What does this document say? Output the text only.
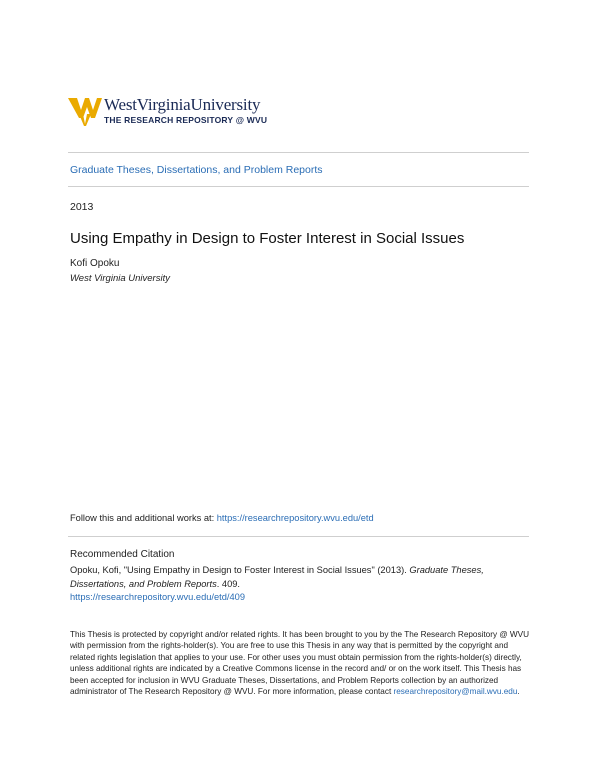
WestVirginiaUniversity
THE RESEARCH REPOSITORY @ WVU
Graduate Theses, Dissertations, and Problem Reports
2013
Using Empathy in Design to Foster Interest in Social Issues
Kofi Opoku
West Virginia University
Follow this and additional works at: https://researchrepository.wvu.edu/etd
Recommended Citation
Opoku, Kofi, "Using Empathy in Design to Foster Interest in Social Issues" (2013). Graduate Theses,
Dissertations, and Problem Reports. 409.
https://researchrepository.wvu.edu/etd/409
This Thesis is protected by copyright and/or related rights. It has been brought to you by the The Research Repository @ WVU with permission from the rights-holder(s). You are free to use this Thesis in any way that is permitted by the copyright and related rights legislation that applies to your use. For other uses you must obtain permission from the rights-holder(s) directly, unless additional rights are indicated by a Creative Commons license in the record and/ or on the work itself. This Thesis has been accepted for inclusion in WVU Graduate Theses, Dissertations, and Problem Reports collection by an authorized administrator of The Research Repository @ WVU. For more information, please contact researchrepository@mail.wvu.edu.
